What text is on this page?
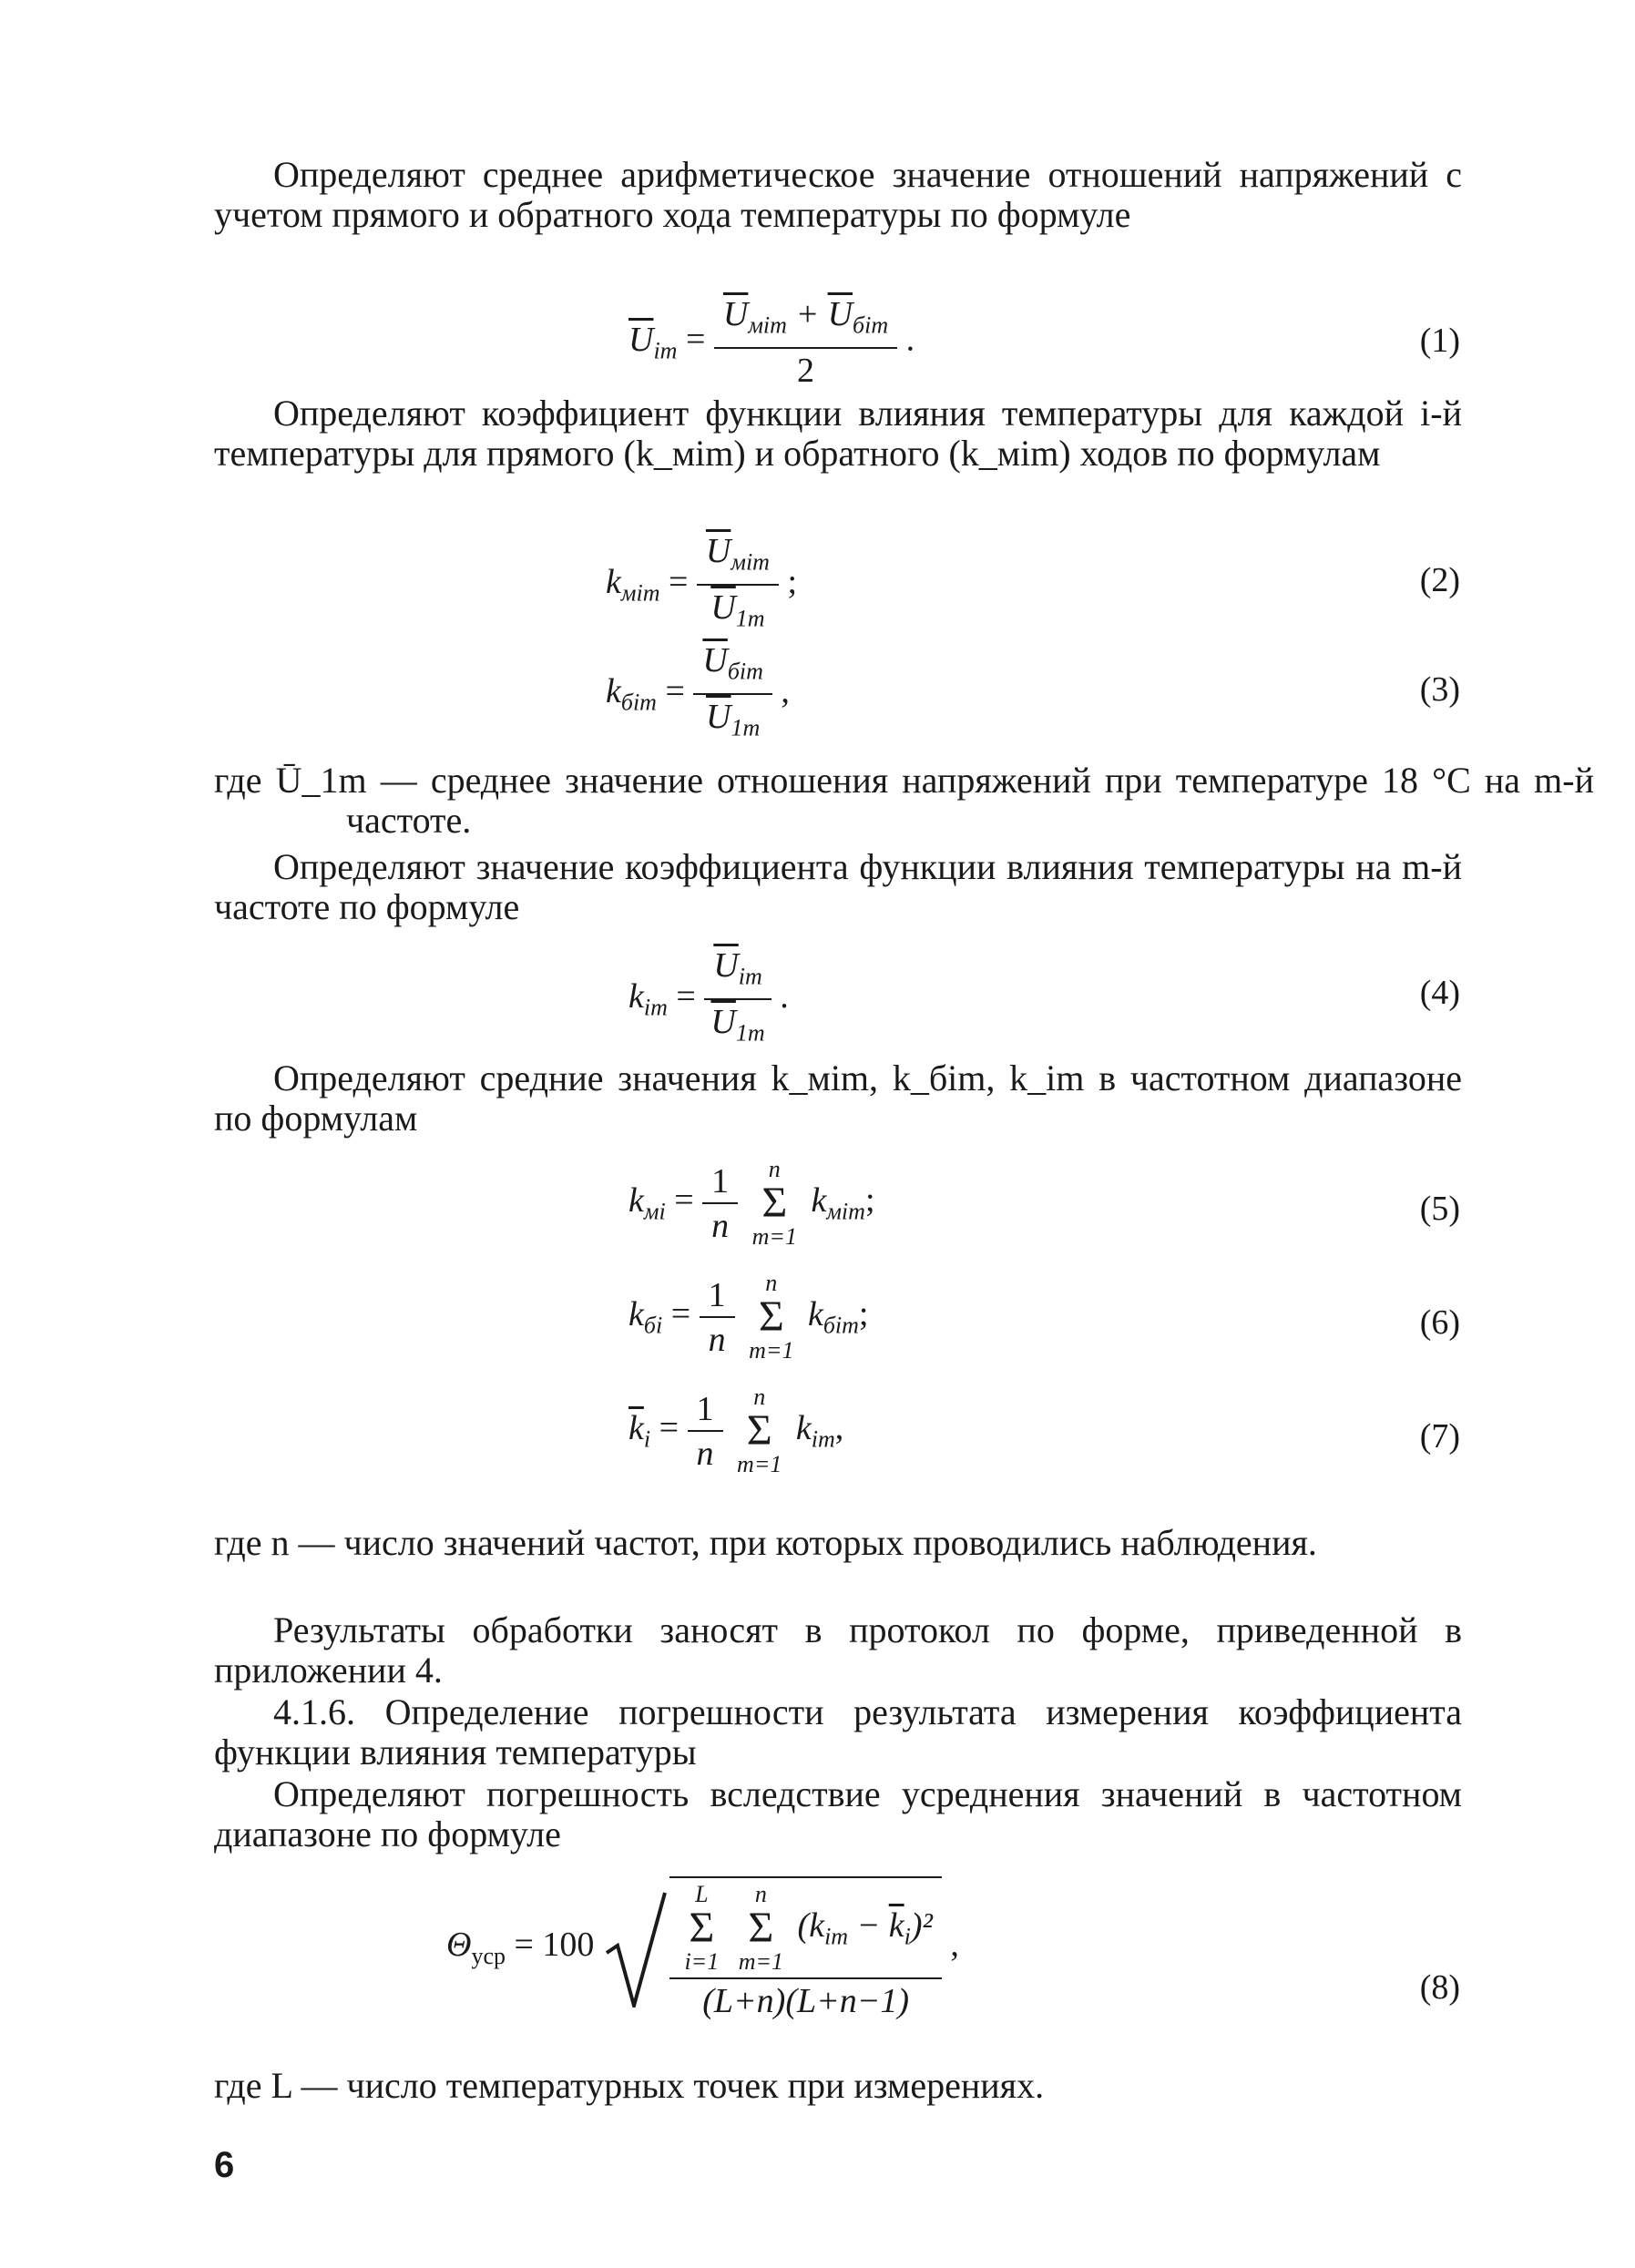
Определяют среднее арифметическое значение отношений напряжений с учетом прямого и обратного хода температуры по формуле

$\overline{U}_{im} = \frac{\overline{U}_{мim} + \overline{U}_{бim}}{2}$ .	(1)

Определяют коэффициент функции влияния температуры для каждой i-й температуры для прямого (k_мim) и обратного (k_мim) ходов по формулам

$k_{мim} = \frac{\overline{U}_{мim}}{\overline{U}_{1m}}$ ;	(2)
$k_{бim} = \frac{\overline{U}_{бim}}{\overline{U}_{1m}}$ ,	(3)

где Ū_1m — среднее значение отношения напряжений при температуре 18 °С на m-й частоте.

Определяют значение коэффициента функции влияния температуры на m-й частоте по формуле

$k_{im} = \frac{\overline{U}_{im}}{\overline{U}_{1m}}$ .	(4)

Определяют средние значения k_мim, k_бim, k_im в частотном диапазоне по формулам

$k_{мi} = \frac{1}{n}$ n
Σ
m=1 $k_{мim}$;	(5)
$k_{бi} = \frac{1}{n}$ n
Σ
m=1 $k_{бim}$;	(6)
$\overline{k}_i = \frac{1}{n}$ n
Σ
m=1 $k_{im}$,	(7)

где n — число значений частот, при которых проводились наблюдения.

Результаты обработки заносят в протокол по форме, приведенной в приложении 4.

4.1.6. Определение погрешности результата измерения коэффициента функции влияния температуры

Определяют погрешность вследствие усреднения значений в частотном диапазоне по формуле

$\Theta_{уср} = 100$	L
Σ
i=1 n
Σ
m=1 $(k_{im} - \overline{k}_i)^2$
(L+n)(L+n−1) ,
(8)

где L — число температурных точек при измерениях.

6
